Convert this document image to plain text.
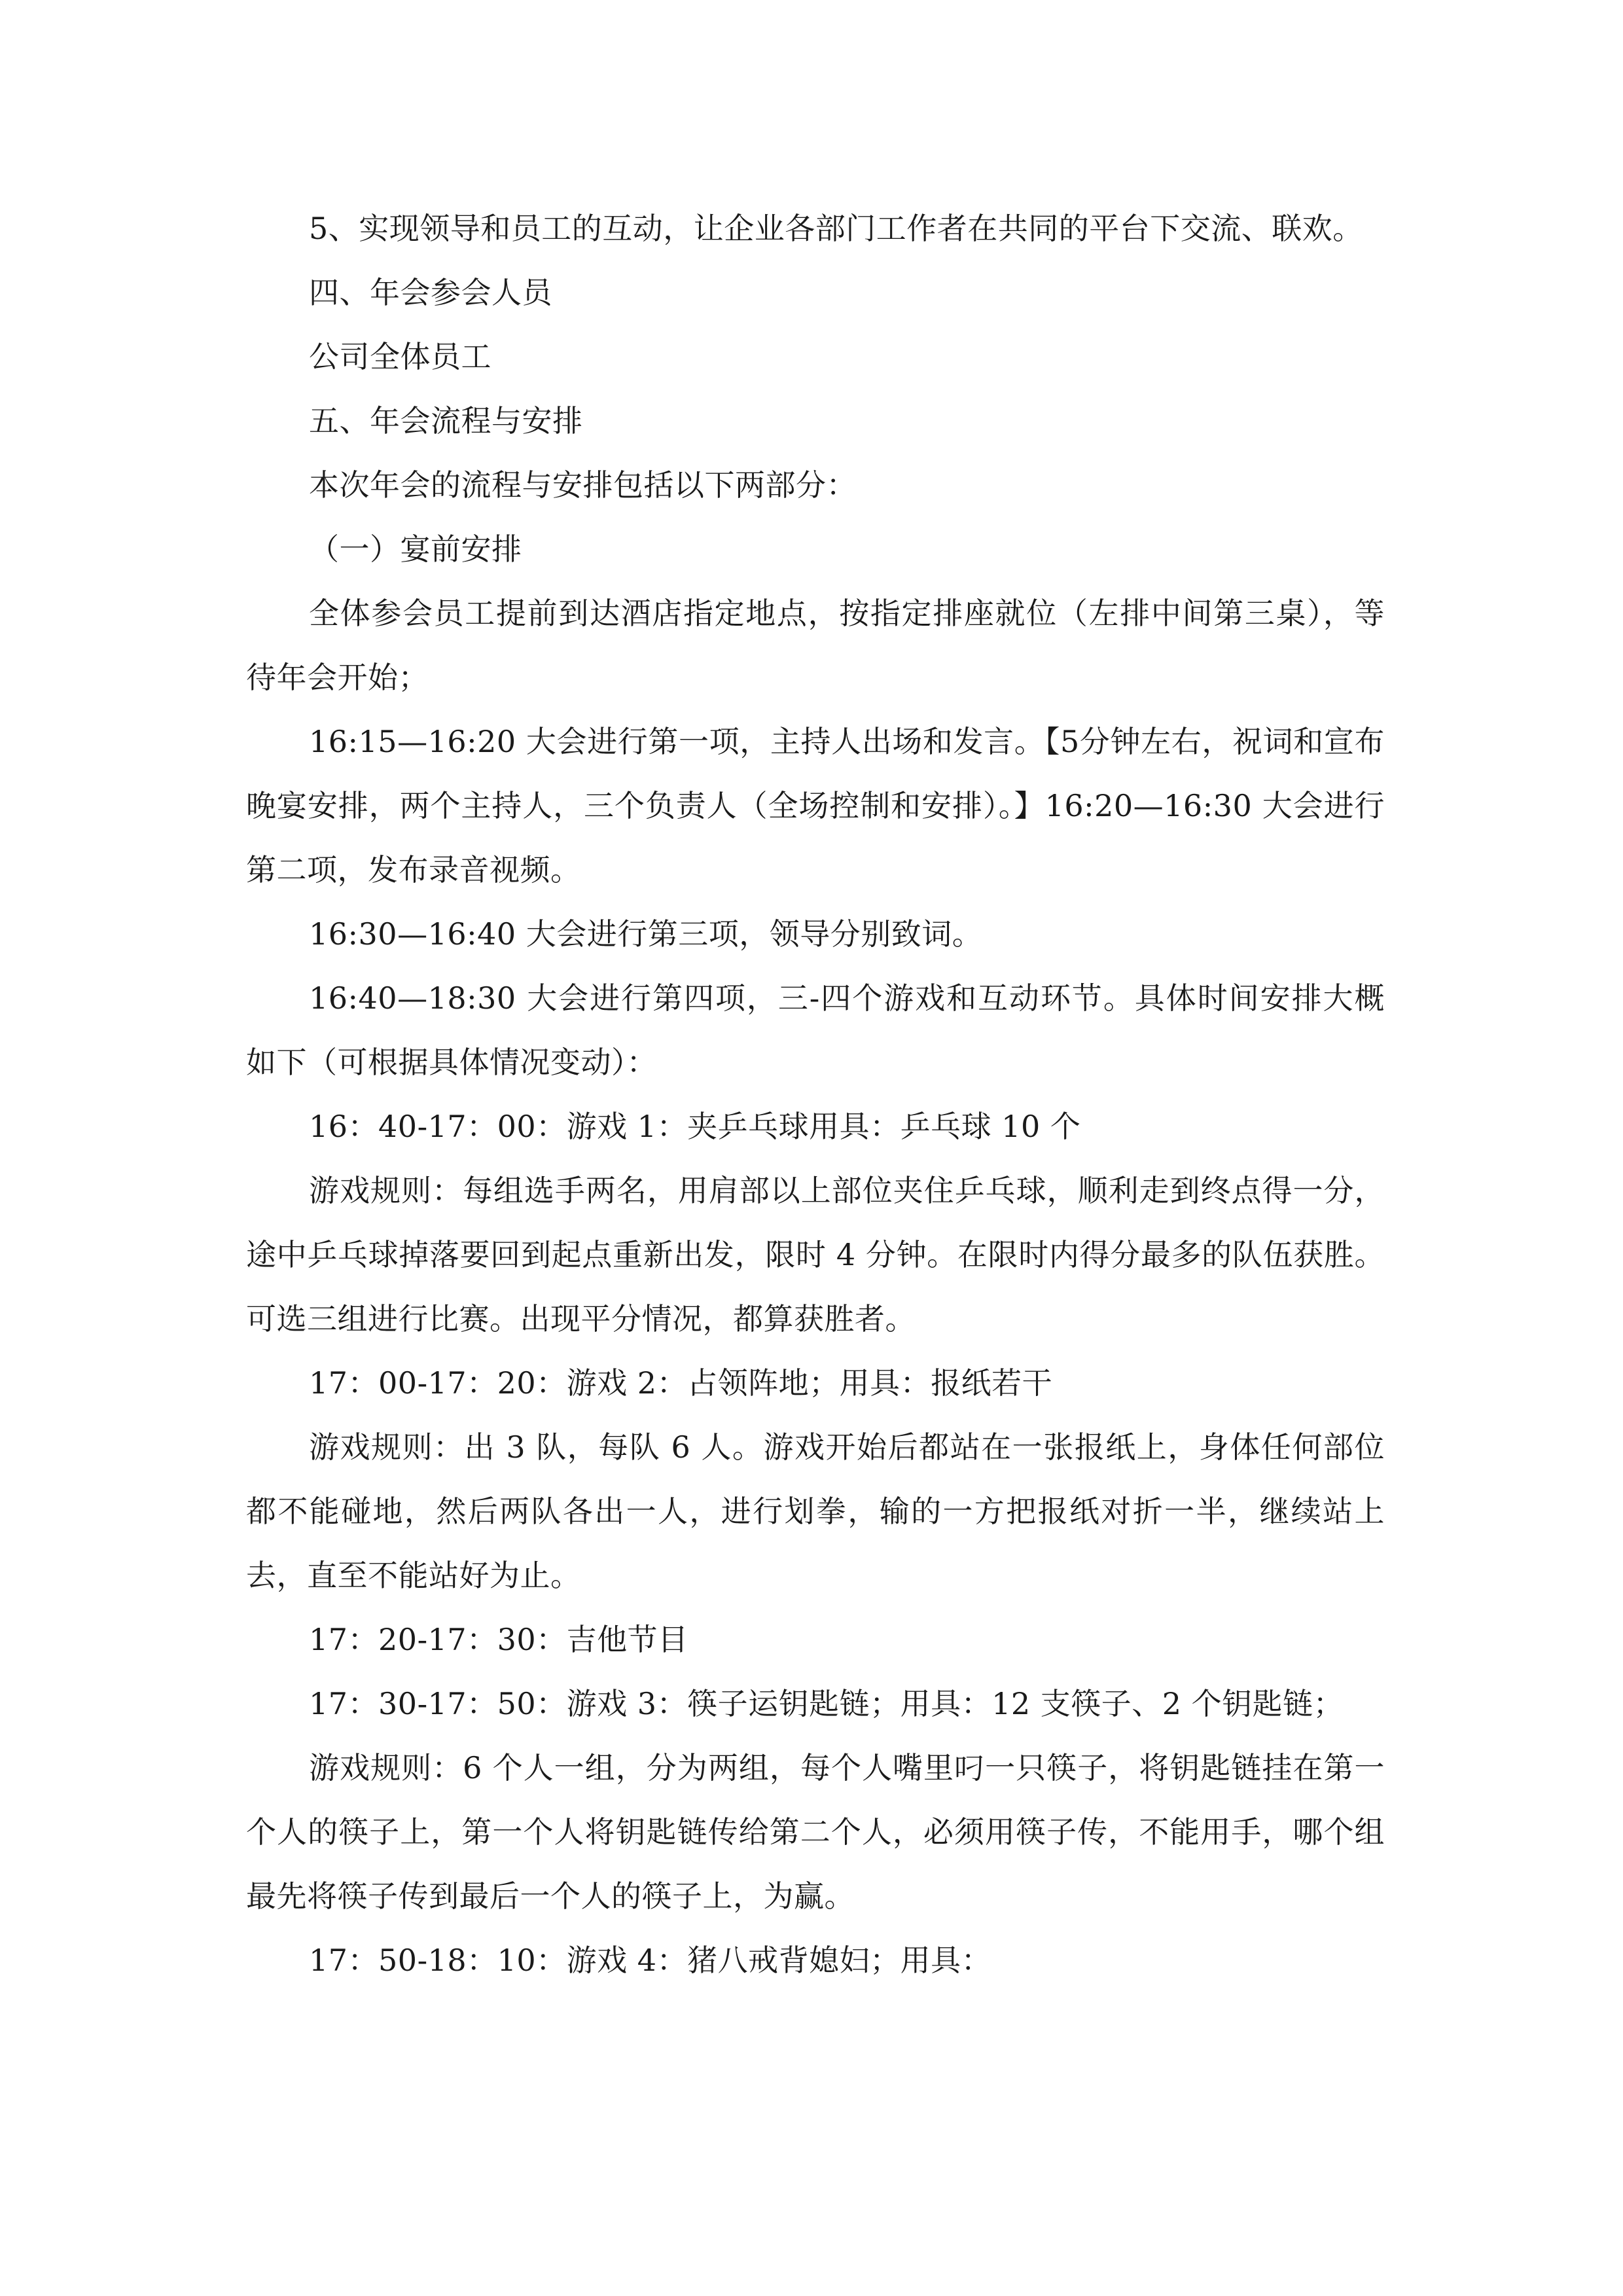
5、实现领导和员工的互动，让企业各部门工作者在共同的平台下交流、联欢。

四、年会参会人员

公司全体员工

五、年会流程与安排

本次年会的流程与安排包括以下两部分：

（一）宴前安排

全体参会员工提前到达酒店指定地点，按指定排座就位（左排中间第三桌），等待年会开始；

16:15—16:20 大会进行第一项，主持人出场和发言。【5分钟左右，祝词和宣布晚宴安排，两个主持人，三个负责人（全场控制和安排）。】16:20—16:30 大会进行第二项，发布录音视频。

16:30—16:40 大会进行第三项，领导分别致词。

16:40—18:30 大会进行第四项，三-四个游戏和互动环节。具体时间安排大概如下（可根据具体情况变动）：

16：40-17：00：游戏 1：夹乒乓球用具：乒乓球 10 个

游戏规则：每组选手两名，用肩部以上部位夹住乒乓球，顺利走到终点得一分，途中乒乓球掉落要回到起点重新出发，限时 4 分钟。在限时内得分最多的队伍获胜。可选三组进行比赛。出现平分情况，都算获胜者。

17：00-17：20：游戏 2：占领阵地；用具：报纸若干

游戏规则：出 3 队，每队 6 人。游戏开始后都站在一张报纸上，身体任何部位都不能碰地，然后两队各出一人，进行划拳，输的一方把报纸对折一半，继续站上去，直至不能站好为止。

17：20-17：30：吉他节目

17：30-17：50：游戏 3：筷子运钥匙链；用具：12 支筷子、2 个钥匙链；

游戏规则：6 个人一组，分为两组，每个人嘴里叼一只筷子，将钥匙链挂在第一个人的筷子上，第一个人将钥匙链传给第二个人，必须用筷子传，不能用手，哪个组最先将筷子传到最后一个人的筷子上，为赢。

17：50-18：10：游戏 4：猪八戒背媳妇；用具：
